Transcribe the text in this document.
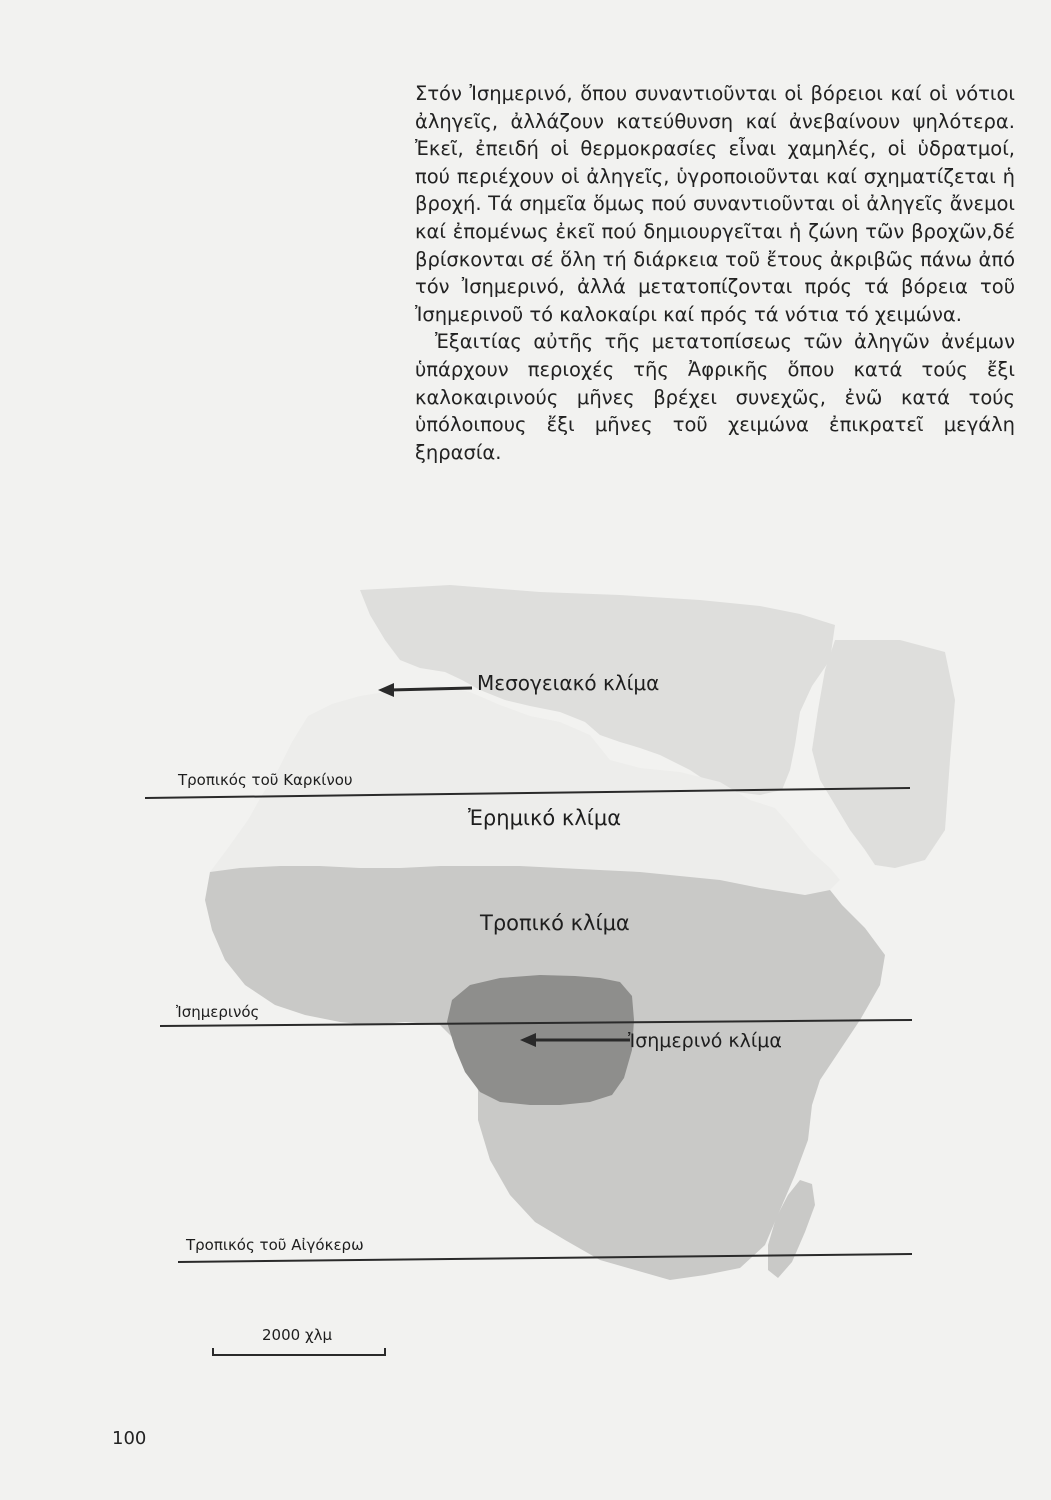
Στόν Ἰσημερινό, ὅπου συναντιοῦνται οἱ βόρειοι καί οἱ νότιοι ἀληγεῖς, ἀλλάζουν κατεύθυνση καί ἀνεβαίνουν ψηλότερα. Ἐκεῖ, ἐπειδή οἱ θερμοκρασίες εἶναι χαμηλές, οἱ ὑδρατμοί, πού περιέχουν οἱ ἀληγεῖς, ὑγροποιοῦνται καί σχηματίζεται ἡ βροχή. Τά σημεῖα ὅμως πού συναντιοῦνται οἱ ἀληγεῖς ἄνεμοι καί ἐπομένως ἐκεῖ πού δημιουργεῖται ἡ ζώνη τῶν βροχῶν,δέ βρίσκονται σέ ὅλη τή διάρκεια τοῦ ἔτους ἀκριβῶς πάνω ἀπό τόν Ἰσημερινό, ἀλλά μετατοπίζονται πρός τά βόρεια τοῦ Ἰσημερινοῦ τό καλοκαίρι καί πρός τά νότια τό χειμώνα.

Ἐξαιτίας αὐτῆς τῆς μετατοπίσεως τῶν ἀληγῶν ἀνέμων ὑπάρχουν περιοχές τῆς Ἀφρικῆς ὅπου κατά τούς ἔξι καλοκαιρινούς μῆνες βρέχει συνεχῶς, ἐνῶ κατά τούς ὑπόλοιπους ἔξι μῆνες τοῦ χειμώνα ἐπικρατεῖ μεγάλη ξηρασία.

Μεσογειακό κλίμα
Τροπικός τοῦ Καρκίνου
Ἐρημικό κλίμα
Τροπικό κλίμα
Ἰσημερινός
Ἰσημερινό κλίμα
Τροπικός τοῦ Αἰγόκερω
2000 χλμ
100
